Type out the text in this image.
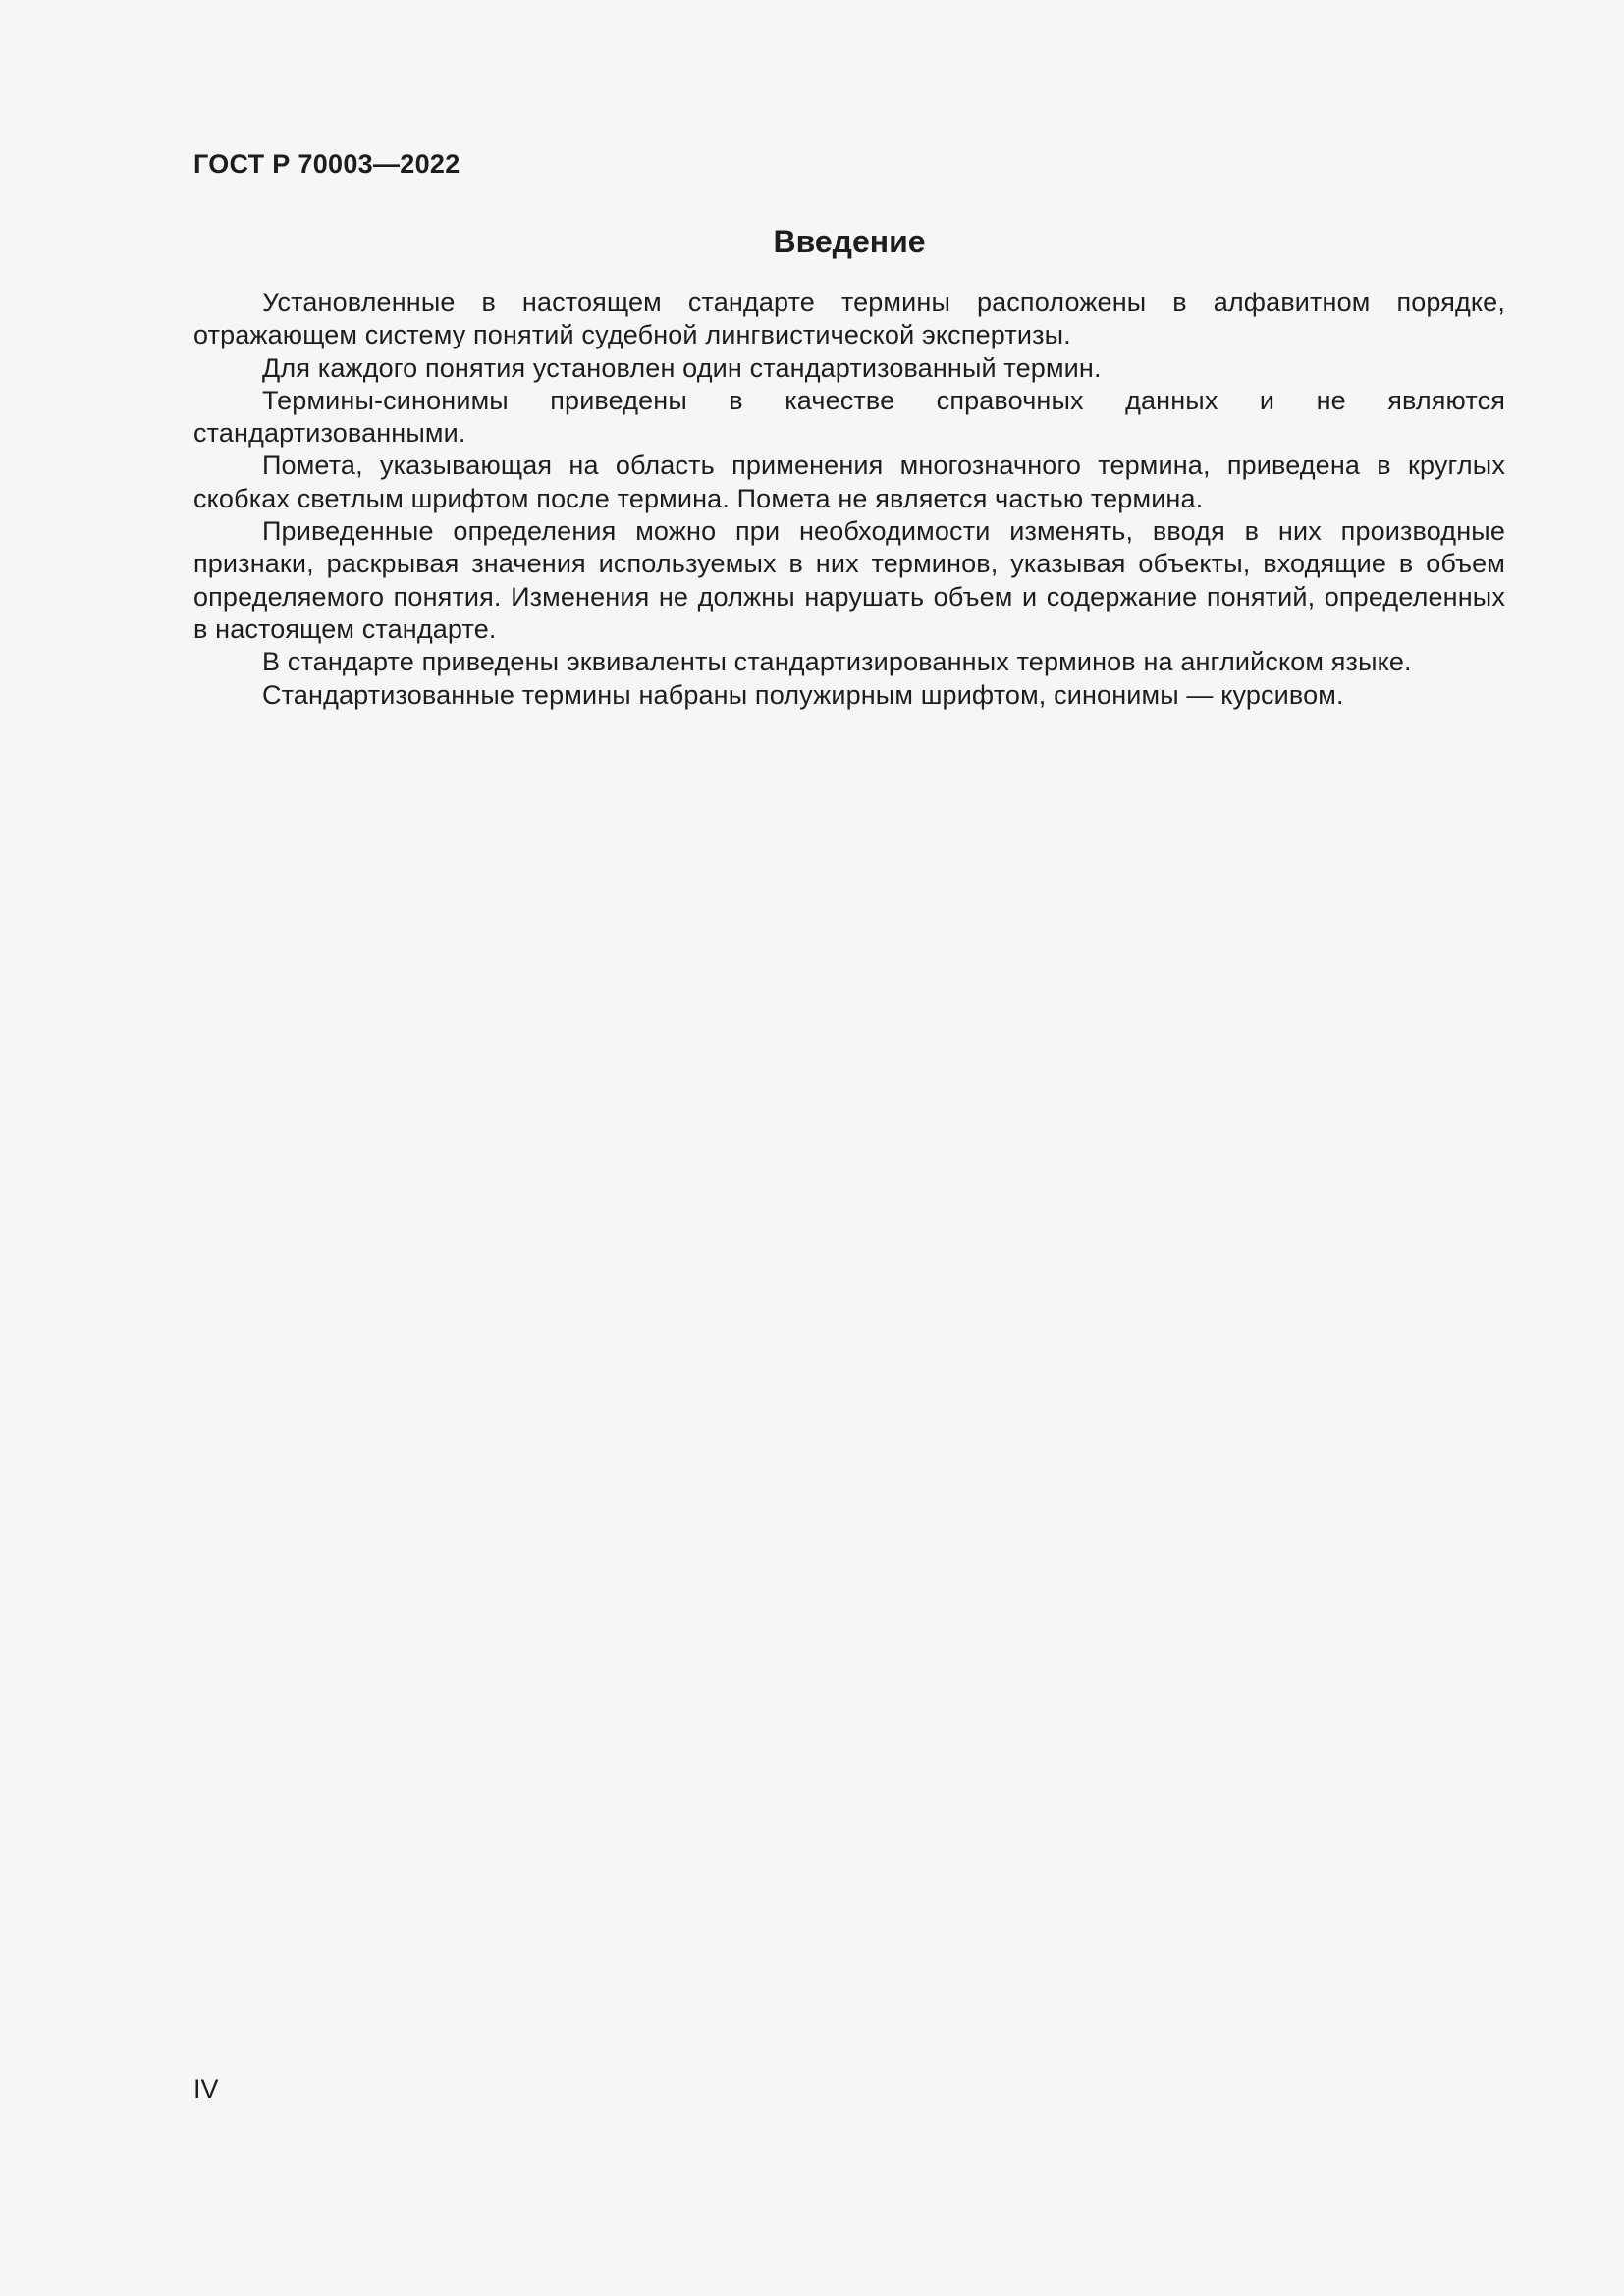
ГОСТ Р 70003—2022

Введение

Установленные в настоящем стандарте термины расположены в алфавитном порядке, отражающем систему понятий судебной лингвистической экспертизы.

Для каждого понятия установлен один стандартизованный термин.

Термины-синонимы приведены в качестве справочных данных и не являются стандартизованными.

Помета, указывающая на область применения многозначного термина, приведена в круглых скобках светлым шрифтом после термина. Помета не является частью термина.

Приведенные определения можно при необходимости изменять, вводя в них производные признаки, раскрывая значения используемых в них терминов, указывая объекты, входящие в объем определяемого понятия. Изменения не должны нарушать объем и содержание понятий, определенных в настоящем стандарте.

В стандарте приведены эквиваленты стандартизированных терминов на английском языке.

Стандартизованные термины набраны полужирным шрифтом, синонимы — курсивом.

IV
